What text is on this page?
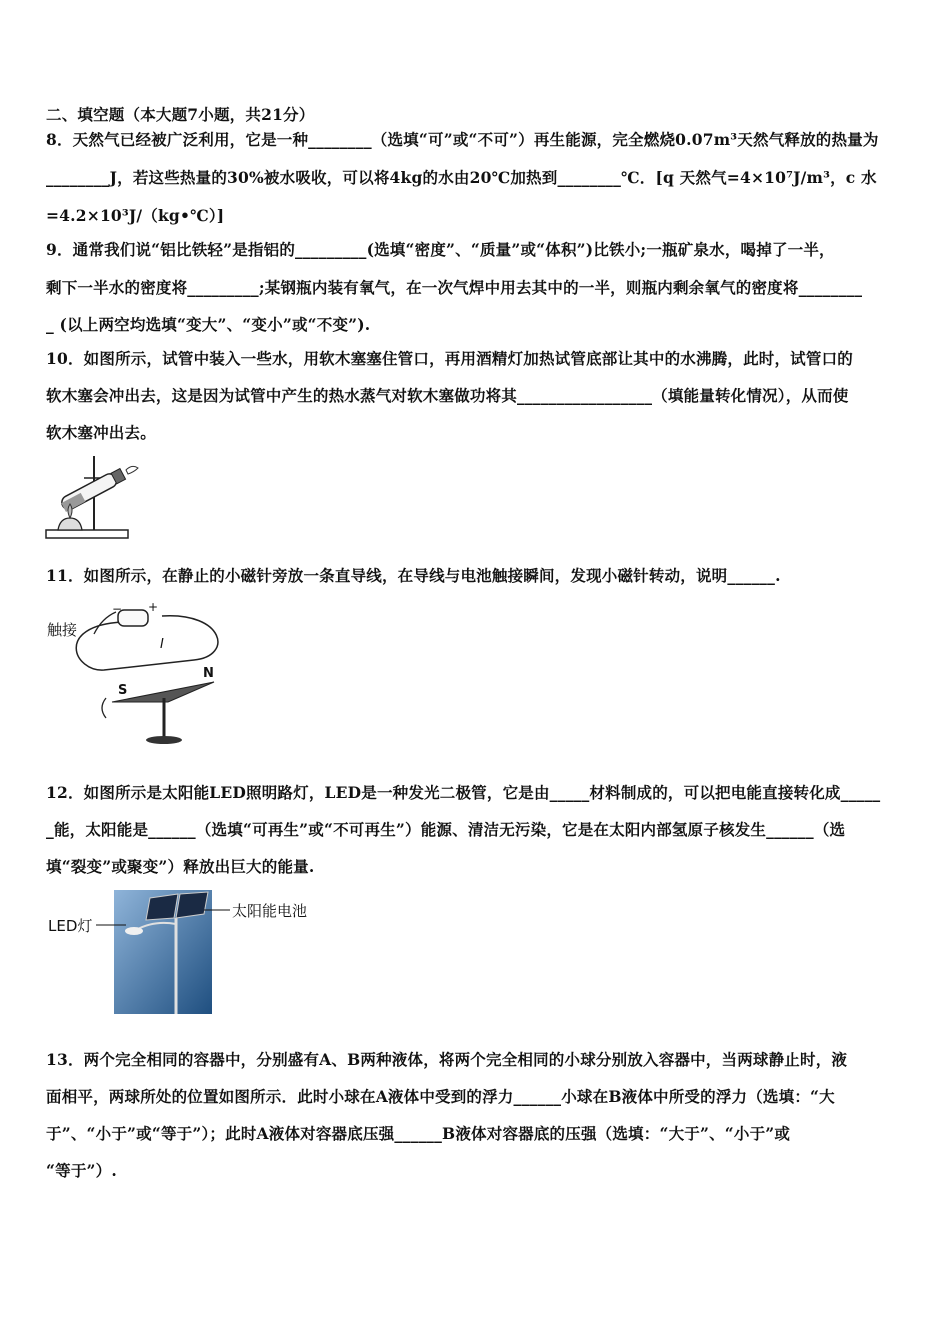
二、填空题（本大题7小题，共21分）
8．天然气已经被广泛利用，它是一种________（选填“可”或“不可”）再生能源，完全燃烧0.07m³天然气释放的热量为
________J，若这些热量的30%被水吸收，可以将4kg的水由20℃加热到________℃．[q 天然气=4×10⁷J/m³，c 水
=4.2×10³J/（kg•℃）]
9．通常我们说“铝比铁轻”是指铝的_________(选填“密度”、“质量”或“体积”)比铁小;一瓶矿泉水，喝掉了一半，
剩下一半水的密度将_________;某钢瓶内装有氧气，在一次气焊中用去其中的一半，则瓶内剩余氧气的密度将________
_ (以上两空均选填“变大”、“变小”或“不变”).
10．如图所示，试管中装入一些水，用软木塞塞住管口，再用酒精灯加热试管底部让其中的水沸腾，此时，试管口的
软木塞会冲出去，这是因为试管中产生的热水蒸气对软木塞做功将其_________________（填能量转化情况），从而使
软木塞冲出去。
11．如图所示，在静止的小磁针旁放一条直导线，在导线与电池触接瞬间，发现小磁针转动，说明______.
触接
− +
I
S
N
12．如图所示是太阳能LED照明路灯，LED是一种发光二极管，它是由_____材料制成的，可以把电能直接转化成_____
_能，太阳能是______（选填“可再生”或“不可再生”）能源、清洁无污染，它是在太阳内部氢原子核发生______（选
填“裂变”或聚变”）释放出巨大的能量.
LED灯
太阳能电池
13．两个完全相同的容器中，分别盛有A、B两种液体，将两个完全相同的小球分别放入容器中，当两球静止时，液
面相平，两球所处的位置如图所示．此时小球在A液体中受到的浮力______小球在B液体中所受的浮力（选填：“大
于”、“小于”或“等于”）；此时A液体对容器底压强______B液体对容器底的压强（选填：“大于”、“小于”或
“等于”）.
